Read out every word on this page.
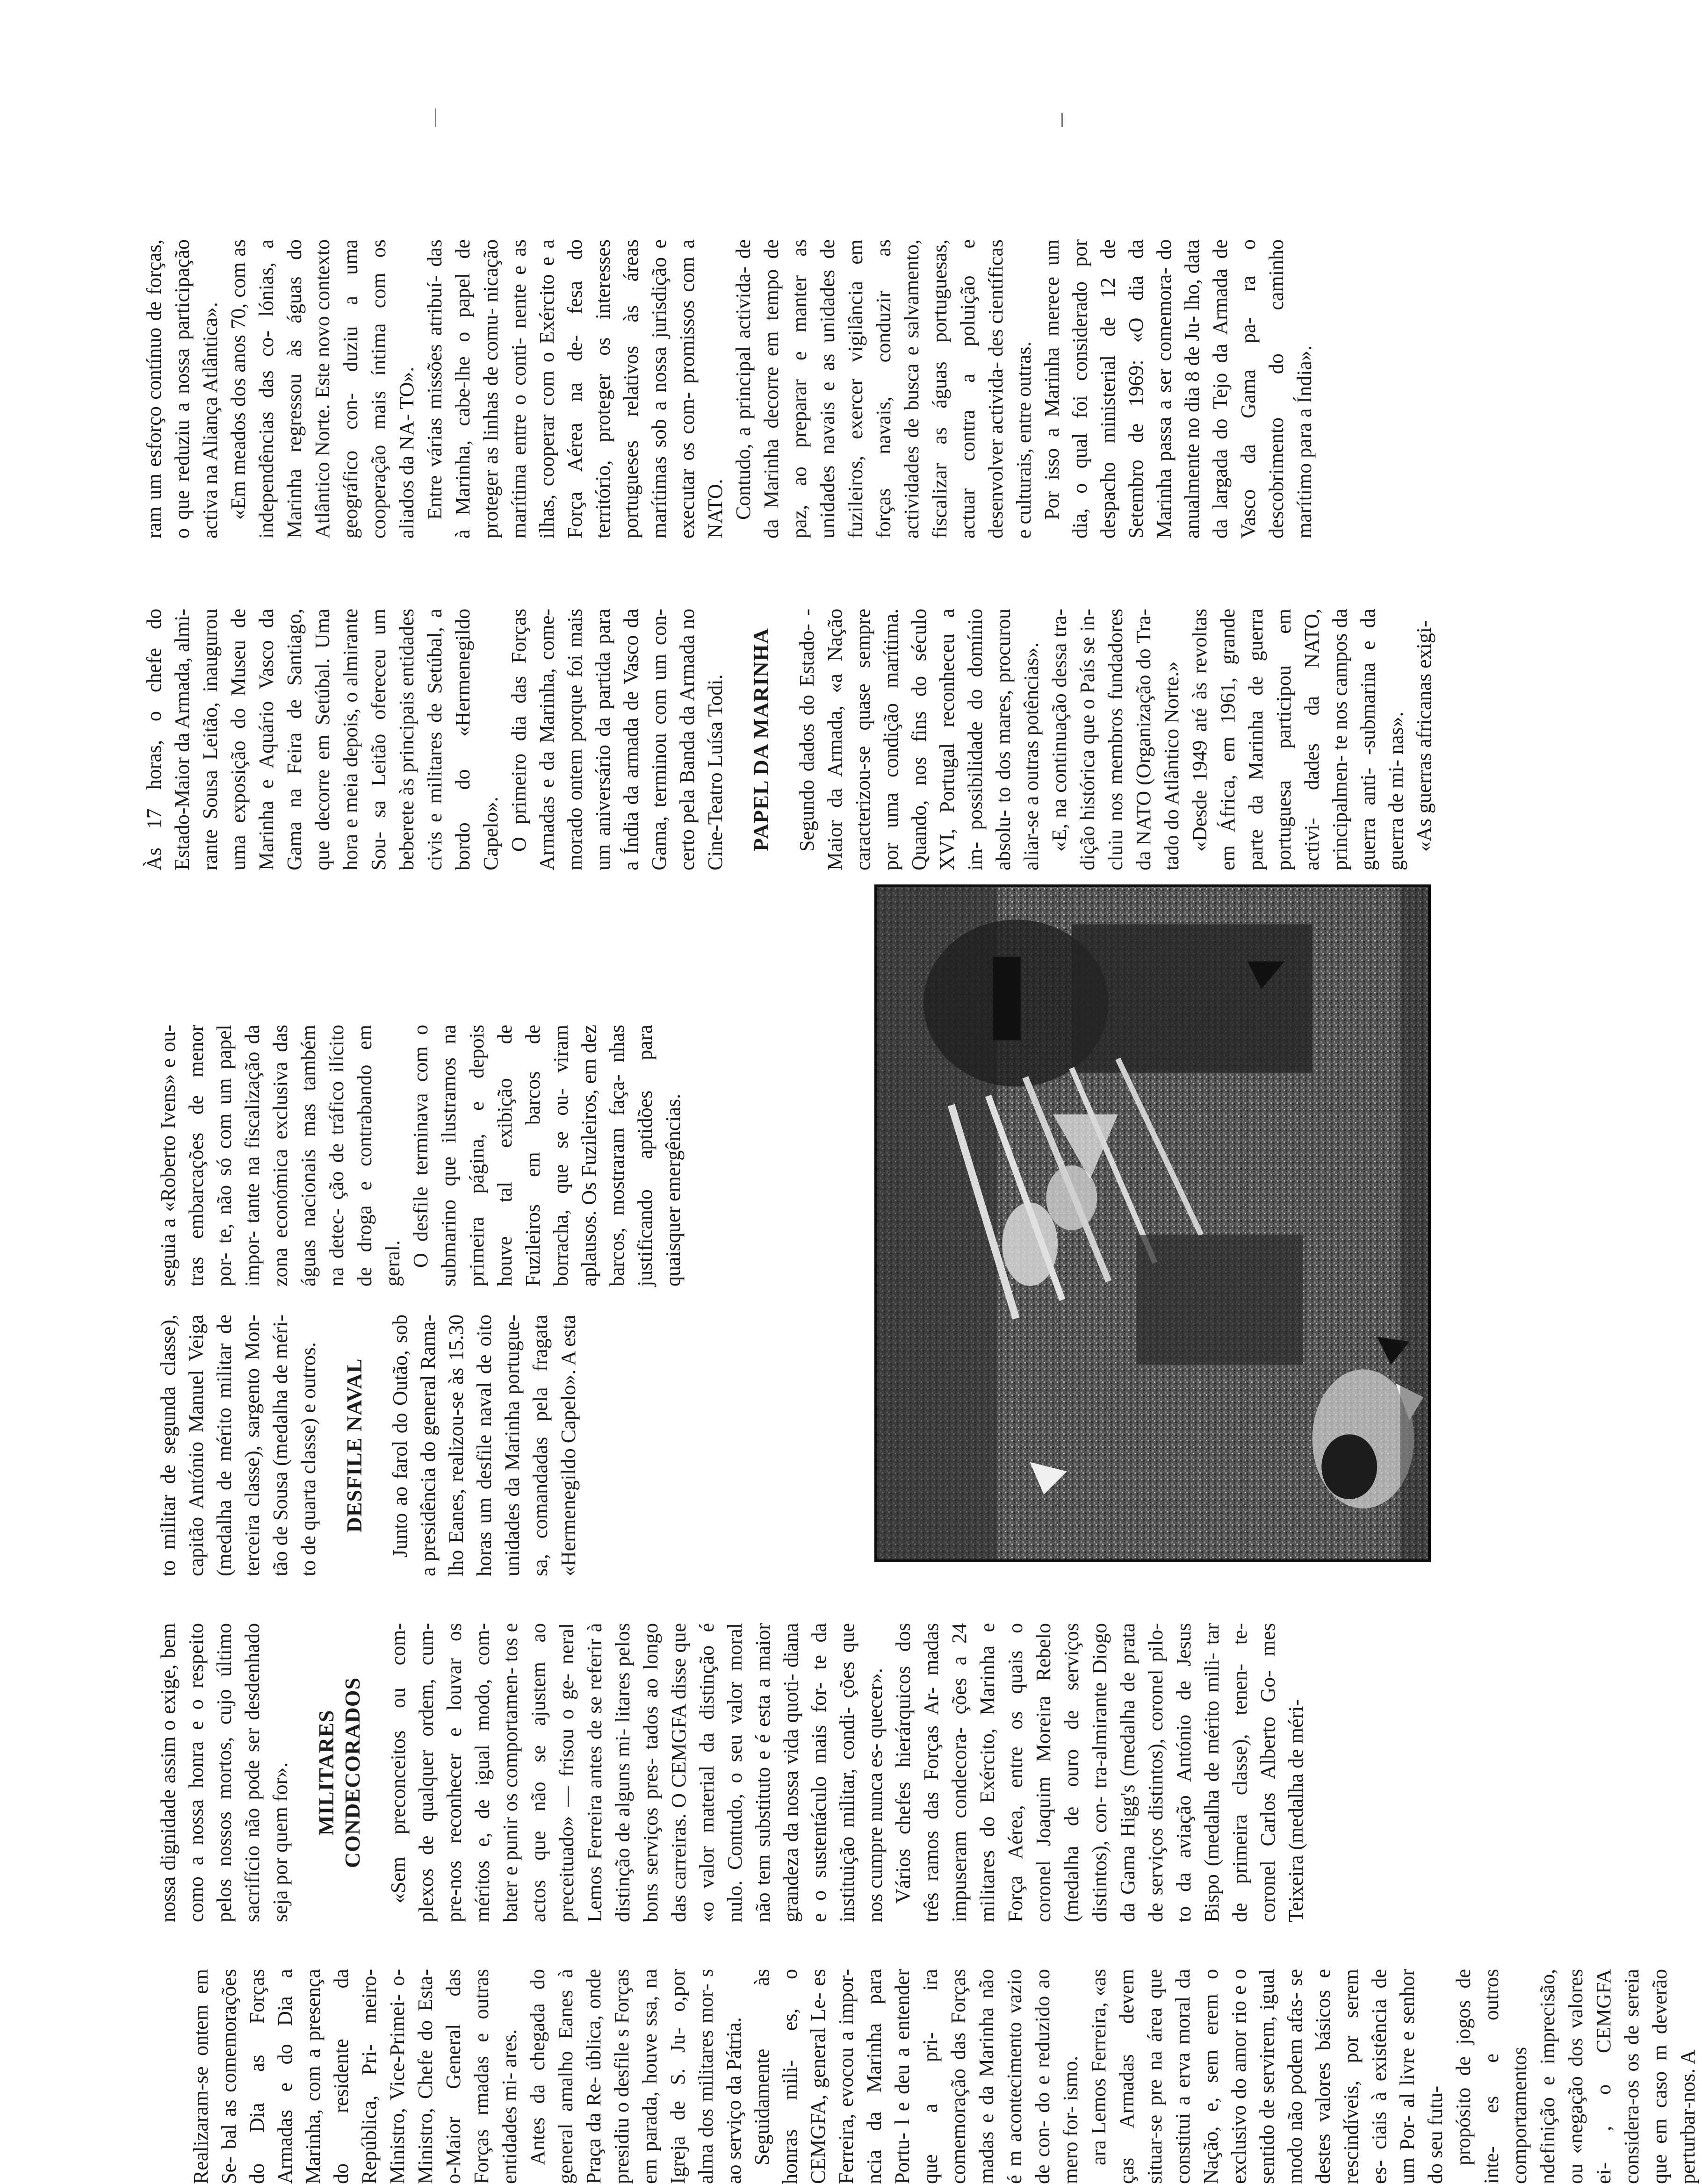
Realizaram-se ontem em Se- bal as comemorações do Dia as Forças Armadas e do Dia a Marinha, com a presença do residente da República, Pri- meiro-Ministro, Vice-Primei- o-Ministro, Chefe do Esta- o-Maior General das Forças rmadas e outras entidades mi- ares. Antes da chegada do general amalho Eanes à Praça da Re- ública, onde presidiu o desfile s Forças em parada, houve ssa, na Igreja de S. Ju- o,por alma dos militares mor- s ao serviço da Pátria. Seguidamente às honras mili- es, o CEMGFA, general Le- es Ferreira, evocou a impor- ncia da Marinha para Portu- l e deu a entender que a pri- ira comemoração das Forças madas e da Marinha não é m acontecimento vazio de con- do e reduzido ao mero for- ismo. ara Lemos Ferreira, «as ças Armadas devem situar-se pre na área que constitui a erva moral da Nação, e, sem erem o exclusivo do amor rio e o sentido de servirem, igual modo não podem afas- se destes valores básicos e rescindíveis, por serem es- ciais à existência de um Por- al livre e senhor do seu futu- propósito de jogos de inte- es e outros comportamentos ndefinição e imprecisão, ou «negação dos valores ei- , o CEMGFA considera-os os de sereia que em caso m deverão perturbar-nos. A

nossa dignidade assim o exige, bem como a nossa honra e o respeito pelos nossos mortos, cujo último sacrifício não pode ser desdenhado seja por quem for». MILITARES CONDECORADOS «Sem preconceitos ou com- plexos de qualquer ordem, cum- pre-nos reconhecer e louvar os méritos e, de igual modo, com- bater e punir os comportamen- tos e actos que não se ajustem ao preceituado» — frisou o ge- neral Lemos Ferreira antes de se referir à distinção de alguns mi- litares pelos bons serviços pres- tados ao longo das carreiras. O CEMGFA disse que «o valor material da distinção é nulo. Contudo, o seu valor moral não tem substituto e é esta a maior grandeza da nossa vida quoti- diana e o sustentáculo mais for- te da instituição militar, condi- ções que nos cumpre nunca es- quecer». Vários chefes hierárquicos dos três ramos das Forças Ar- madas impuseram condecora- ções a 24 militares do Exército, Marinha e Força Aérea, entre os quais o coronel Joaquim Moreira Rebelo (medalha de ouro de serviços distintos), con- tra-almirante Diogo da Gama Higg's (medalha de prata de serviços distintos), coronel pilo- to da aviação António de Jesus Bispo (medalha de mérito mili- tar de primeira classe), tenen- te-coronel Carlos Alberto Go- mes Teixeira (medalha de méri-

to militar de segunda classe), capitão António Manuel Veiga (medalha de mérito militar de terceira classe), sargento Mon- tão de Sousa (medalha de méri- to de quarta classe) e outros. DESFILE NAVAL Junto ao farol do Outão, sob a presidência do general Rama- lho Eanes, realizou-se às 15.30 horas um desfile naval de oito unidades da Marinha portugue- sa, comandadas pela fragata «Hermenegildo Capelo». A esta

seguia a «Roberto Ivens» e ou- tras embarcações de menor por- te, não só com um papel impor- tante na fiscalização da zona económica exclusiva das águas nacionais mas também na detec- ção de tráfico ilícito de droga e contrabando em geral. O desfile terminava com o submarino que ilustramos na primeira página, e depois houve tal exibição de Fuzileiros em barcos de borracha, que se ou- viram aplausos. Os Fuzileiros, em dez barcos, mostraram faça- nhas justificando aptidões para quaisquer emergências.

Às 17 horas, o chefe do Estado-Maior da Armada, almi- rante Sousa Leitão, inaugurou uma exposição do Museu de Marinha e Aquário Vasco da Gama na Feira de Santiago, que decorre em Setúbal. Uma hora e meia depois, o almirante Sou- sa Leitão ofereceu um beberete às principais entidades civis e militares de Setúbal, a bordo do «Hermenegildo Capelo». O primeiro dia das Forças Armadas e da Marinha, come- morado ontem porque foi mais um aniversário da partida para a Índia da armada de Vasco da Gama, terminou com um con- certo pela Banda da Armada no Cine-Teatro Luísa Todi. PAPEL DA MARINHA Segundo dados do Estado- -Maior da Armada, «a Nação caracterizou-se quase sempre por uma condição marítima. Quando, nos fins do século XVI, Portugal reconheceu a im- possibilidade do domínio absolu- to dos mares, procurou aliar-se a outras potências». «E, na continuação dessa tra- dição histórica que o País se in- cluiu nos membros fundadores da NATO (Organização do Tra- tado do Atlântico Norte.» «Desde 1949 até às revoltas em África, em 1961, grande parte da Marinha de guerra portuguesa participou em activi- dades da NATO, principalmen- te nos campos da guerra anti- -submarina e da guerra de mi- nas». «As guerras africanas exigi-

ram um esforço contínuo de forças, o que reduziu a nossa participação activa na Aliança Atlântica». «Em meados dos anos 70, com as independências das co- lónias, a Marinha regressou às águas do Atlântico Norte. Este novo contexto geográfico con- duziu a uma cooperação mais íntima com os aliados da NA- TO». Entre várias missões atribuí- das à Marinha, cabe-lhe o papel de proteger as linhas de comu- nicação marítima entre o conti- nente e as ilhas, cooperar com o Exército e a Força Aérea na de- fesa do território, proteger os interesses portugueses relativos às áreas marítimas sob a nossa jurisdição e executar os com- promissos com a NATO. Contudo, a principal activida- de da Marinha decorre em tempo de paz, ao preparar e manter as unidades navais e as unidades de fuzileiros, exercer vigilância em forças navais, conduzir as actividades de busca e salvamento, fiscalizar as águas portuguesas, actuar contra a poluição e desenvolver activida- des científicas e culturais, entre outras. Por isso a Marinha merece um dia, o qual foi considerado por despacho ministerial de 12 de Setembro de 1969: «O dia da Marinha passa a ser comemora- do anualmente no dia 8 de Ju- lho, data da largada do Tejo da Armada de Vasco da Gama pa- ra o descobrimento do caminho marítimo para a Índia».
